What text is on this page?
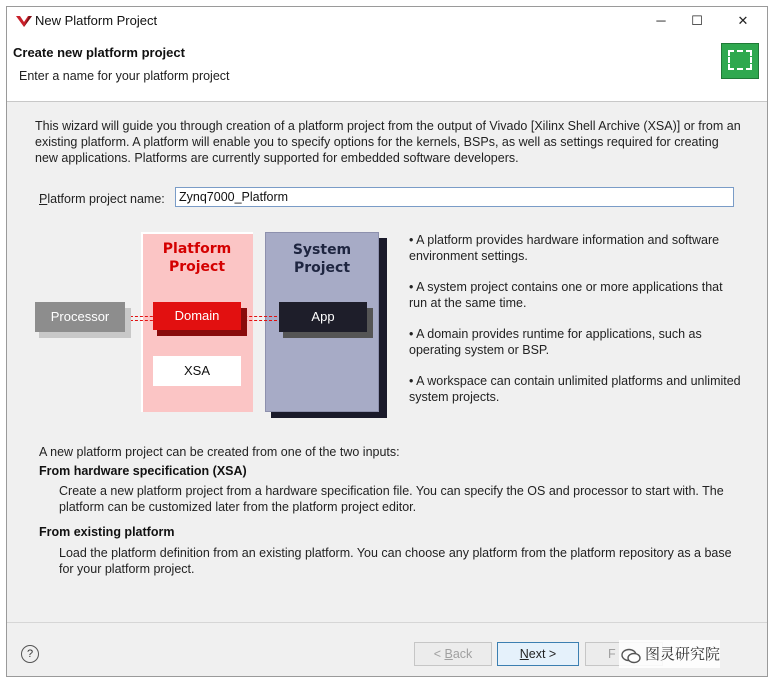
New Platform Project	─	☐	✕
Create new platform project
Enter a name for your platform project
This wizard will guide you through creation of a platform project from the output of Vivado [Xilinx Shell Archive (XSA)] or from an existing platform. A platform will enable you to specify options for the kernels, BSPs, as well as settings required for creating new applications. Platforms are currently supported for embedded software developers.
Platform project name:
Zynq7000_Platform
Platform
Project
System
Project
Processor	Domain	App
XSA
• A platform provides hardware information and software environment settings.
• A system project contains one or more applications that run at the same time.
• A domain provides runtime for applications, such as operating system or BSP.
• A workspace can contain unlimited platforms and unlimited system projects.
A new platform project can be created from one of the two inputs:
From hardware specification (XSA)
Create a new platform project from a hardware specification file. You can specify the OS and processor to start with. The platform can be customized later from the platform project editor.
From existing platform
Load the platform definition from an existing platform. You can choose any platform from the platform repository as a base for your platform project.
?	< Back	Next >	F	图灵研究院
